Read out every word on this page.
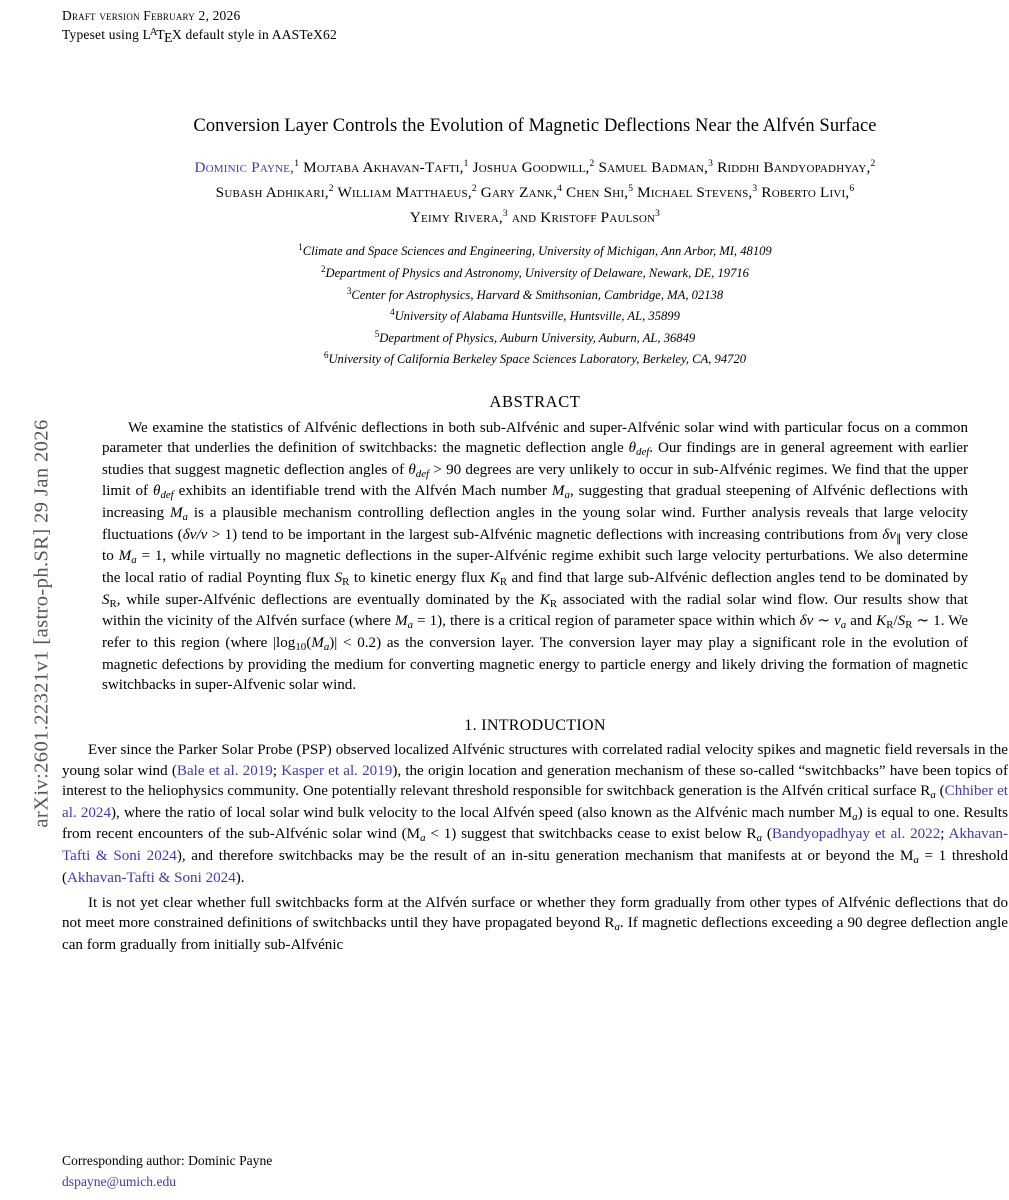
arXiv:2601.22321v1 [astro-ph.SR] 29 Jan 2026
Draft version February 2, 2026
Typeset using $L^ATEX$ default style in AASTeX62
Conversion Layer Controls the Evolution of Magnetic Deflections Near the Alfvén Surface
Dominic Payne,$^1$ Mojtaba Akhavan-Tafti,$^1$ Joshua Goodwill,$^2$ Samuel Badman,$^3$ Riddhi Bandyopadhyay,$^2$
Subash Adhikari,$^2$ William Matthaeus,$^2$ Gary Zank,$^4$ Chen Shi,$^5$ Michael Stevens,$^3$ Roberto Livi,$^6$
Yeimy Rivera,$^3$ and Kristoff Paulson$^3$
$^1$Climate and Space Sciences and Engineering, University of Michigan, Ann Arbor, MI, 48109
$^2$Department of Physics and Astronomy, University of Delaware, Newark, DE, 19716
$^3$Center for Astrophysics, Harvard & Smithsonian, Cambridge, MA, 02138
$^4$University of Alabama Huntsville, Huntsville, AL, 35899
$^5$Department of Physics, Auburn University, Auburn, AL, 36849
$^6$University of California Berkeley Space Sciences Laboratory, Berkeley, CA, 94720
ABSTRACT
We examine the statistics of Alfvénic deflections in both sub-Alfvénic and super-Alfvénic solar wind with particular focus on a common parameter that underlies the definition of switchbacks: the magnetic deflection angle $\theta_{def}$. Our findings are in general agreement with earlier studies that suggest magnetic deflection angles of $\theta_{def} > 90$ degrees are very unlikely to occur in sub-Alfvénic regimes. We find that the upper limit of $\theta_{def}$ exhibits an identifiable trend with the Alfvén Mach number $M_a$, suggesting that gradual steepening of Alfvénic deflections with increasing $M_a$ is a plausible mechanism controlling deflection angles in the young solar wind. Further analysis reveals that large velocity fluctuations (δv/v > 1) tend to be important in the largest sub-Alfvénic magnetic deflections with increasing contributions from $\delta v_\parallel$ very close to $M_a = 1$, while virtually no magnetic deflections in the super-Alfvénic regime exhibit such large velocity perturbations. We also determine the local ratio of radial Poynting flux $S_R$ to kinetic energy flux $K_R$ and find that large sub-Alfvénic deflection angles tend to be dominated by $S_R$, while super-Alfvénic deflections are eventually dominated by the $K_R$ associated with the radial solar wind flow. Our results show that within the vicinity of the Alfvén surface (where $M_a = 1$), there is a critical region of parameter space within which δv ∼ $v_a$ and $K_R/S_R$ ∼ 1. We refer to this region (where $|\log_{10}(M_a)| < 0.2$) as the conversion layer. The conversion layer may play a significant role in the evolution of magnetic defections by providing the medium for converting magnetic energy to particle energy and likely driving the formation of magnetic switchbacks in super-Alfvenic solar wind.
1. INTRODUCTION
Ever since the Parker Solar Probe (PSP) observed localized Alfvénic structures with correlated radial velocity spikes and magnetic field reversals in the young solar wind (Bale et al. 2019; Kasper et al. 2019), the origin location and generation mechanism of these so-called “switchbacks” have been topics of interest to the heliophysics community. One potentially relevant threshold responsible for switchback generation is the Alfvén critical surface $R_a$ (Chhiber et al. 2024), where the ratio of local solar wind bulk velocity to the local Alfvén speed (also known as the Alfvénic mach number $M_a$) is equal to one. Results from recent encounters of the sub-Alfvénic solar wind $(M_a < 1)$ suggest that switchbacks cease to exist below $R_a$ (Bandyopadhyay et al. 2022; Akhavan-Tafti & Soni 2024), and therefore switchbacks may be the result of an in-situ generation mechanism that manifests at or beyond the $M_a = 1$ threshold (Akhavan-Tafti & Soni 2024).
It is not yet clear whether full switchbacks form at the Alfvén surface or whether they form gradually from other types of Alfvénic deflections that do not meet more constrained definitions of switchbacks until they have propagated beyond $R_a$. If magnetic deflections exceeding a 90 degree deflection angle can form gradually from initially sub-Alfvénic
Corresponding author: Dominic Payne
dspayne@umich.edu
